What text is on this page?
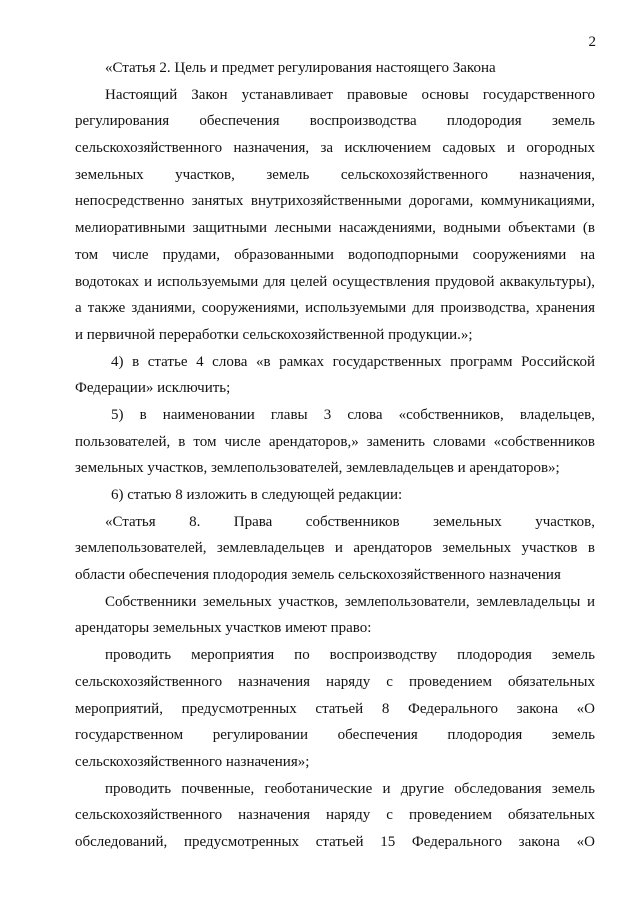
2
«Статья 2. Цель и предмет регулирования настоящего Закона
Настоящий Закон устанавливает правовые основы государственного
регулирования обеспечения воспроизводства плодородия земель
сельскохозяйственного назначения, за исключением садовых и огородных
земельных участков, земель сельскохозяйственного назначения,
непосредственно занятых внутрихозяйственными дорогами, коммуникациями,
мелиоративными защитными лесными насаждениями, водными объектами (в
том числе прудами, образованными водоподпорными сооружениями на
водотоках и используемыми для целей осуществления прудовой аквакультуры),
а также зданиями, сооружениями, используемыми для производства, хранения
и первичной переработки сельскохозяйственной продукции.»;
4) в статье 4 слова «в рамках государственных программ Российской
Федерации» исключить;
5) в наименовании главы 3 слова «собственников, владельцев,
пользователей, в том числе арендаторов,» заменить словами «собственников
земельных участков, землепользователей, землевладельцев и арендаторов»;
6) статью 8 изложить в следующей редакции:
«Статья 8. Права собственников земельных участков,
землепользователей, землевладельцев и арендаторов земельных участков в
области обеспечения плодородия земель сельскохозяйственного назначения
Собственники земельных участков, землепользователи, землевладельцы и
арендаторы земельных участков имеют право:
проводить мероприятия по воспроизводству плодородия земель
сельскохозяйственного назначения наряду с проведением обязательных
мероприятий, предусмотренных статьей 8 Федерального закона «О
государственном регулировании обеспечения плодородия земель
сельскохозяйственного назначения»;
проводить почвенные, геоботанические и другие обследования земель
сельскохозяйственного назначения наряду с проведением обязательных
обследований, предусмотренных статьей 15 Федерального закона «О
